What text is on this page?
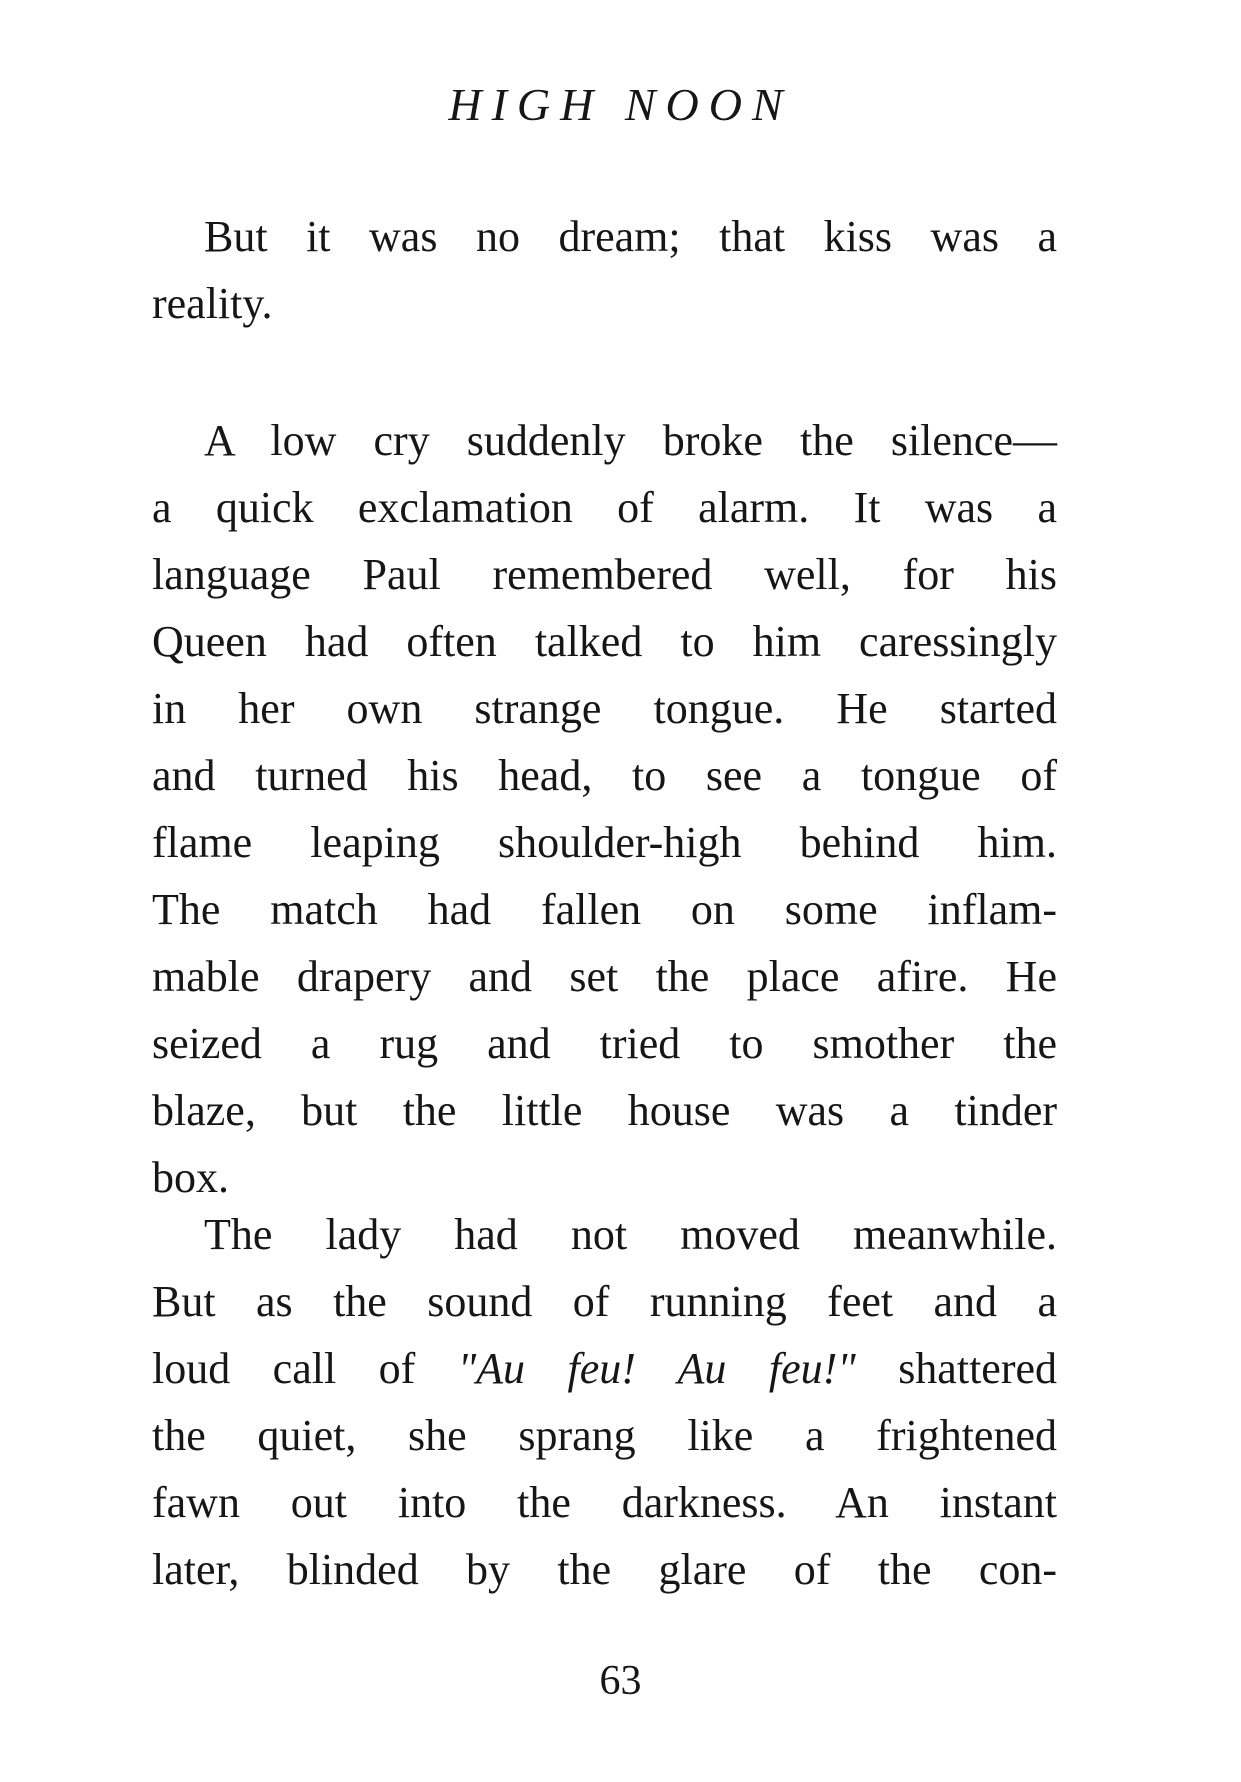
HIGH NOON
But it was no dream; that kiss was a
reality.
A low cry suddenly broke the silence—
a quick exclamation of alarm. It was a
language Paul remembered well, for his
Queen had often talked to him caressingly
in her own strange tongue. He started
and turned his head, to see a tongue of
flame leaping shoulder-high behind him.
The match had fallen on some inflam-
mable drapery and set the place afire. He
seized a rug and tried to smother the
blaze, but the little house was a tinder
box.
The lady had not moved meanwhile.
But as the sound of running feet and a
loud call of "Au feu! Au feu!" shattered
the quiet, she sprang like a frightened
fawn out into the darkness. An instant
later, blinded by the glare of the con-
63
